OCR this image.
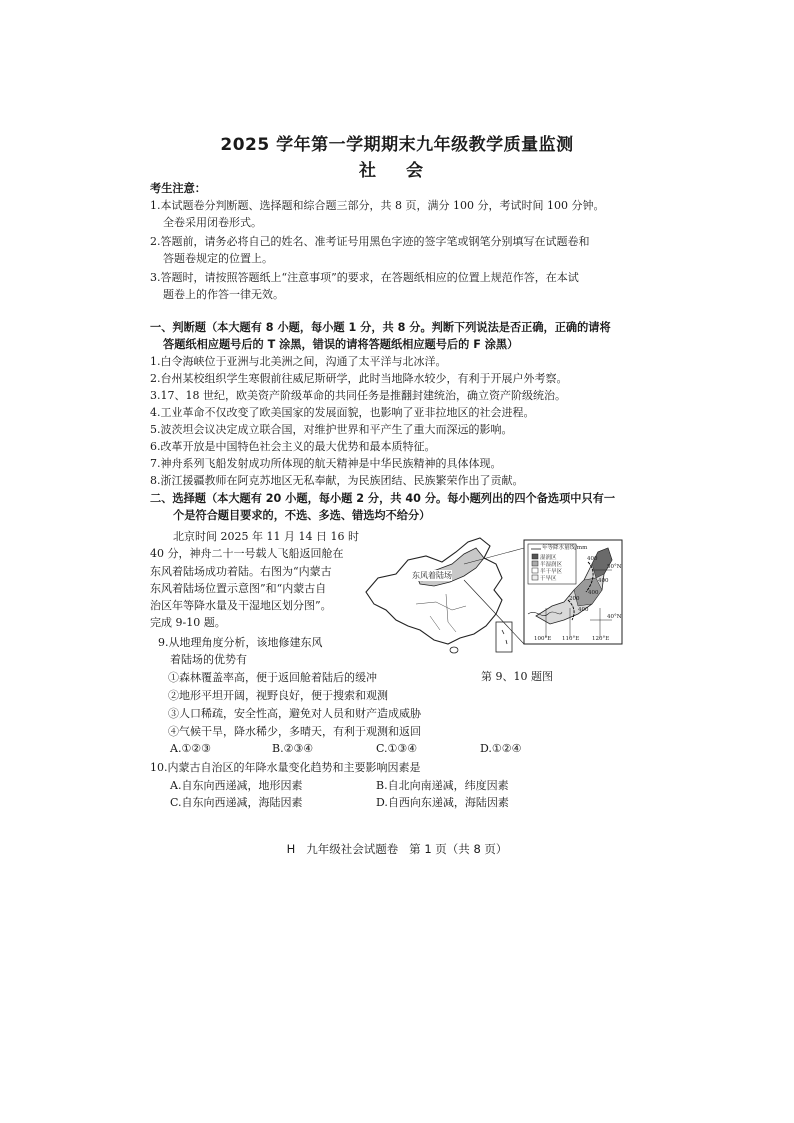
2025 学年第一学期期末九年级教学质量监测
社 会
考生注意：
1.本试题卷分判断题、选择题和综合题三部分，共 8 页，满分 100 分，考试时间 100 分钟。
全卷采用闭卷形式。
2.答题前，请务必将自己的姓名、准考证号用黑色字迹的签字笔或钢笔分别填写在试题卷和
答题卷规定的位置上。
3.答题时，请按照答题纸上“注意事项”的要求，在答题纸相应的位置上规范作答，在本试
题卷上的作答一律无效。
一、判断题（本大题有 8 小题，每小题 1 分，共 8 分。判断下列说法是否正确，正确的请将
答题纸相应题号后的 T 涂黑，错误的请将答题纸相应题号后的 F 涂黑）
1.白令海峡位于亚洲与北美洲之间，沟通了太平洋与北冰洋。
2.台州某校组织学生寒假前往威尼斯研学，此时当地降水较少，有利于开展户外考察。
3.17、18 世纪，欧美资产阶级革命的共同任务是推翻封建统治，确立资产阶级统治。
4.工业革命不仅改变了欧美国家的发展面貌，也影响了亚非拉地区的社会进程。
5.波茨坦会议决定成立联合国，对维护世界和平产生了重大而深远的影响。
6.改革开放是中国特色社会主义的最大优势和最本质特征。
7.神舟系列飞船发射成功所体现的航天精神是中华民族精神的具体体现。
8.浙江援疆教师在阿克苏地区无私奉献，为民族团结、民族繁荣作出了贡献。
二、选择题（本大题有 20 小题，每小题 2 分，共 40 分。每小题列出的四个备选项中只有一
个是符合题目要求的，不选、多选、错选均不给分）
北京时间 2025 年 11 月 14 日 16 时
40 分，神舟二十一号载人飞船返回舱在
东风着陆场成功着陆。右图为“内蒙古
东风着陆场位置示意图”和“内蒙古自
治区年等降水量及干湿地区划分图”。
完成 9-10 题。
东风着陆场
年等降水量线/mm
湿润区
半湿润区
半干旱区
干旱区
400
400
400
200
400
50°N
40°N
100°E 110°E 120°E
第 9、10 题图
9.从地理角度分析，该地修建东风
着陆场的优势有
①森林覆盖率高，便于返回舱着陆后的缓冲
②地形平坦开阔，视野良好，便于搜索和观测
③人口稀疏，安全性高，避免对人员和财产造成威胁
④气候干旱，降水稀少，多晴天，有利于观测和返回
A.①②③	B.②③④	C.①③④	D.①②④
10.内蒙古自治区的年降水量变化趋势和主要影响因素是
A.自东向西递减，地形因素	B.自北向南递减，纬度因素
C.自东向西递减，海陆因素	D.自西向东递减，海陆因素
H   九年级社会试题卷   第 1 页（共 8 页）
